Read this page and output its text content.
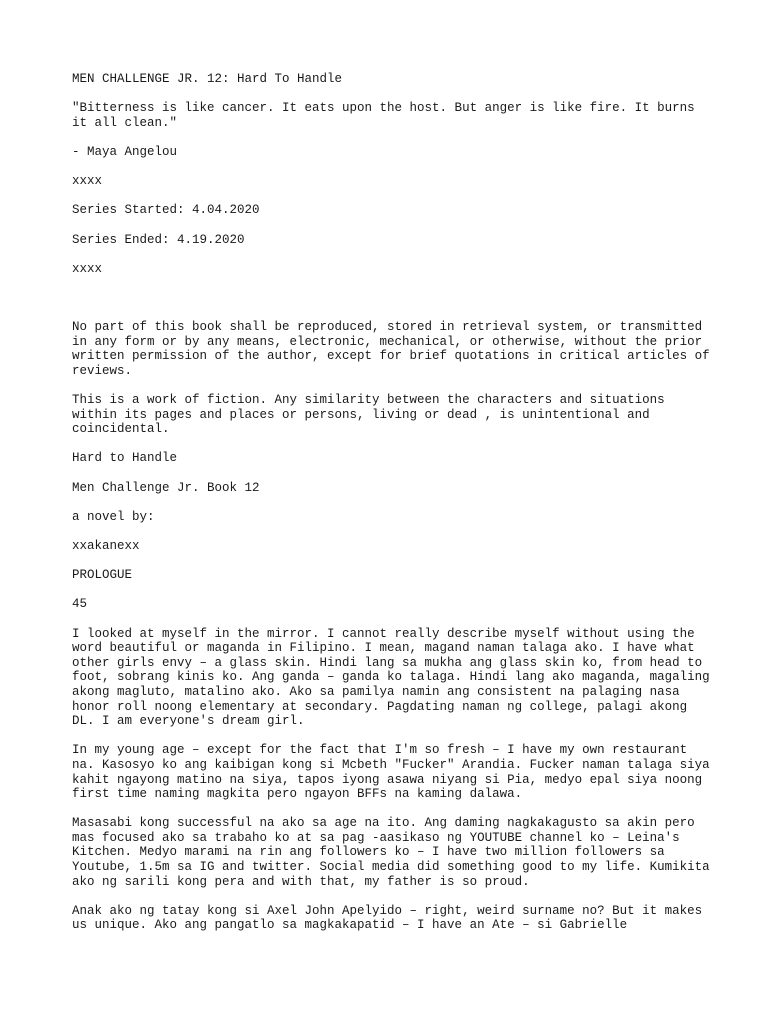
MEN CHALLENGE JR. 12: Hard To Handle

"Bitterness is like cancer. It eats upon the host. But anger is like fire. It burns it all clean."

- Maya Angelou

xxxx

Series Started: 4.04.2020

Series Ended: 4.19.2020

xxxx

No part of this book shall be reproduced, stored in retrieval system, or transmitted in any form or by any means, electronic, mechanical, or otherwise, without the prior written permission of the author, except for brief quotations in critical articles of reviews.

This is a work of fiction. Any similarity between the characters and situations within its pages and places or persons, living or dead , is unintentional and coincidental.

Hard to Handle

Men Challenge Jr. Book 12

a novel by:

xxakanexx

PROLOGUE

45

I looked at myself in the mirror. I cannot really describe myself without using the word beautiful or maganda in Filipino. I mean, magand naman talaga ako. I have what other girls envy – a glass skin. Hindi lang sa mukha ang glass skin ko, from head to foot, sobrang kinis ko. Ang ganda – ganda ko talaga. Hindi lang ako maganda, magaling akong magluto, matalino ako. Ako sa pamilya namin ang consistent na palaging nasa honor roll noong elementary at secondary. Pagdating naman ng college, palagi akong DL. I am everyone's dream girl.

In my young age – except for the fact that I'm so fresh – I have my own restaurant na. Kasosyo ko ang kaibigan kong si Mcbeth "Fucker" Arandia. Fucker naman talaga siya kahit ngayong matino na siya, tapos iyong asawa niyang si Pia, medyo epal siya noong first time naming magkita pero ngayon BFFs na kaming dalawa.

Masasabi kong successful na ako sa age na ito. Ang daming nagkakagusto sa akin pero mas focused ako sa trabaho ko at sa pag -aasikaso ng YOUTUBE channel ko – Leina's Kitchen. Medyo marami na rin ang followers ko – I have two million followers sa Youtube, 1.5m sa IG and twitter. Social media did something good to my life. Kumikita ako ng sarili kong pera and with that, my father is so proud.

Anak ako ng tatay kong si Axel John Apelyido – right, weird surname no? But it makes us unique. Ako ang pangatlo sa magkakapatid – I have an Ate – si Gabrielle
